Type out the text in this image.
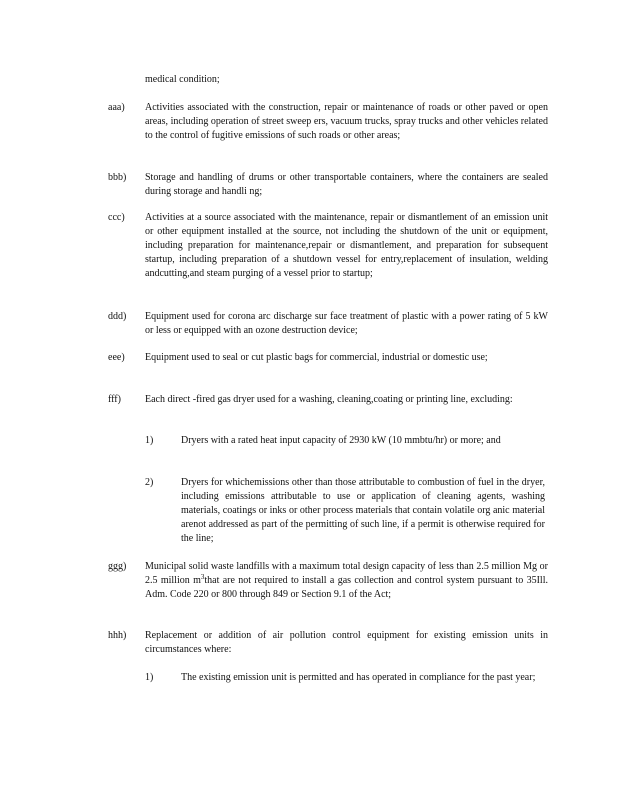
medical condition;
aaa)	Activities associated with the construction, repair or maintenance of roads or other paved or open areas, including operation of street sweep ers, vacuum trucks, spray trucks and other vehicles related to the control of fugitive emissions of such roads or other areas;
bbb)	Storage and handling of drums or other transportable containers, where the containers are sealed during storage and handli ng;
ccc)	Activities at a source associated with the maintenance, repair or dismantlement of an emission unit or other equipment installed at the source, not including the shutdown of the unit or equipment, including preparation for maintenance,repair or dismantlement, and preparation for subsequent startup, including preparation of a shutdown vessel for entry,replacement of insulation, welding andcutting,and steam purging of a vessel prior to startup;
ddd)	Equipment used for corona arc discharge sur face treatment of plastic with a power rating of 5 kW or less or equipped with an ozone destruction device;
eee)	Equipment used to seal or cut plastic bags for commercial, industrial or domestic use;
fff)	Each direct -fired gas dryer used for a washing, cleaning,coating or printing line, excluding:
1)	Dryers with a rated heat input capacity of 2930 kW (10 mmbtu/hr) or more; and
2)	Dryers for whichemissions other than those attributable to combustion of fuel in the dryer, including emissions attributable to use or application of cleaning agents, washing materials, coatings or inks or other process materials that contain volatile org anic material arenot addressed as part of the permitting of such line, if a permit is otherwise required for the line;
ggg)	Municipal solid waste landfills with a maximum total design capacity of less than 2.5 million Mg or 2.5 million $m^3that$ are not required to install a gas collection and control system pursuant to 35Ill. Adm. Code 220 or 800 through 849 or Section 9.1 of the Act;
hhh)	Replacement or addition of air pollution control equipment for existing emission units in circumstances where:
1)	The existing emission unit is permitted and has operated in compliance for the past year;
